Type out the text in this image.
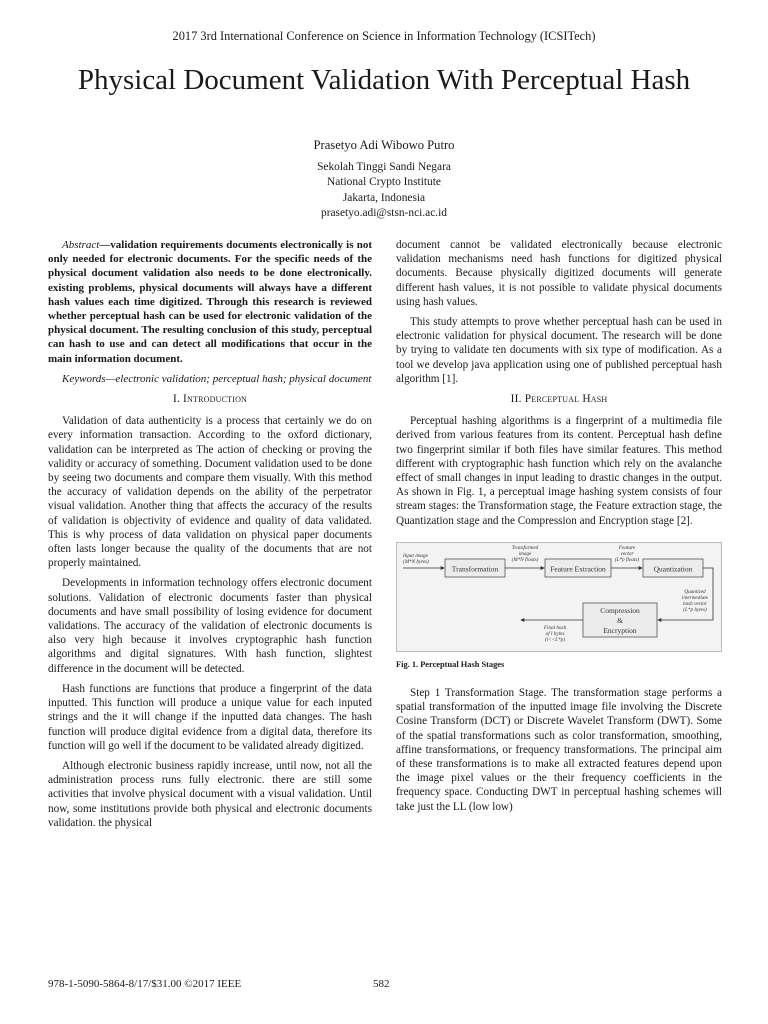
2017 3rd International Conference on Science in Information Technology (ICSITech)
Physical Document Validation With Perceptual Hash
Prasetyo Adi Wibowo Putro
Sekolah Tinggi Sandi Negara
National Crypto Institute
Jakarta, Indonesia
prasetyo.adi@stsn-nci.ac.id

Abstract—validation requirements documents electronically is not only needed for electronic documents. For the specific needs of the physical document validation also needs to be done electronically. existing problems, physical documents will always have a different hash values each time digitized. Through this research is reviewed whether perceptual hash can be used for electronic validation of the physical document. The resulting conclusion of this study, perceptual can hash to use and can detect all modifications that occur in the main information document.

Keywords—electronic validation; perceptual hash; physical document

I. Introduction

Validation of data authenticity is a process that certainly we do on every information transaction. According to the oxford dictionary, validation can be interpreted as The action of checking or proving the validity or accuracy of something. Document validation used to be done by seeing two documents and compare them visually. With this method the accuracy of validation depends on the ability of the perpetrator visual validation. Another thing that affects the accuracy of the results of validation is objectivity of evidence and quality of data validated. This is why process of data validation on physical paper documents often lasts longer because the quality of the documents that are not properly maintained.

Developments in information technology offers electronic document solutions. Validation of electronic documents faster than physical documents and have small possibility of losing evidence for document validations. The accuracy of the validation of electronic documents is also very high because it involves cryptographic hash function algorithms and digital signatures. With hash function, slightest difference in the document will be detected.

Hash functions are functions that produce a fingerprint of the data inputted. This function will produce a unique value for each inputed strings and the it will change if the inputted data changes. The hash function will produce digital evidence from a digital data, therefore its function will go well if the document to be validated already digitized.

Although electronic business rapidly increase, until now, not all the administration process runs fully electronic. there are still some activities that involve physical document with a visual validation. Until now, some institutions provide both physical and electronic documents validation. the physical

document cannot be validated electronically because electronic validation mechanisms need hash functions for digitized physical documents. Because physically digitized documents will generate different hash values, it is not possible to validate physical documents using hash values.

This study attempts to prove whether perceptual hash can be used in electronic validation for physical document. The research will be done by trying to validate ten documents with six type of modification. As a tool we develop java application using one of published perceptual hash algorithm [1].

II. Perceptual Hash

Perceptual hashing algorithms is a fingerprint of a multimedia file derived from various features from its content. Perceptual hash define two fingerprint similar if both files have similar features. This method different with cryptographic hash function which rely on the avalanche effect of small changes in input leading to drastic changes in the output. As shown in Fig. 1, a perceptual image hashing system consists of four stream stages: the Transformation stage, the Feature extraction stage, the Quantization stage and the Compression and Encryption stage [2].

Transformation	Feature Extraction	Quantization
Compression
&
Encryption
Input image
(M*N bytes)
Transformed
image
(M*N floats)
Feature
vector
(L*p floats)
Quantized
intermediate
hash vector
(L*p bytes)
Final hash
of l bytes
(l<<L*p)

Fig. 1. Perceptual Hash Stages

Step 1 Transformation Stage. The transformation stage performs a spatial transformation of the inputted image file involving the Discrete Cosine Transform (DCT) or Discrete Wavelet Transform (DWT). Some of the spatial transformations such as color transformation, smoothing, affine transformations, or frequency transformations. The principal aim of these transformations is to make all extracted features depend upon the image pixel values or the their frequency coefficients in the frequency space. Conducting DWT in perceptual hashing schemes will take just the LL (low low)

978-1-5090-5864-8/17/$31.00 ©2017 IEEE	582
